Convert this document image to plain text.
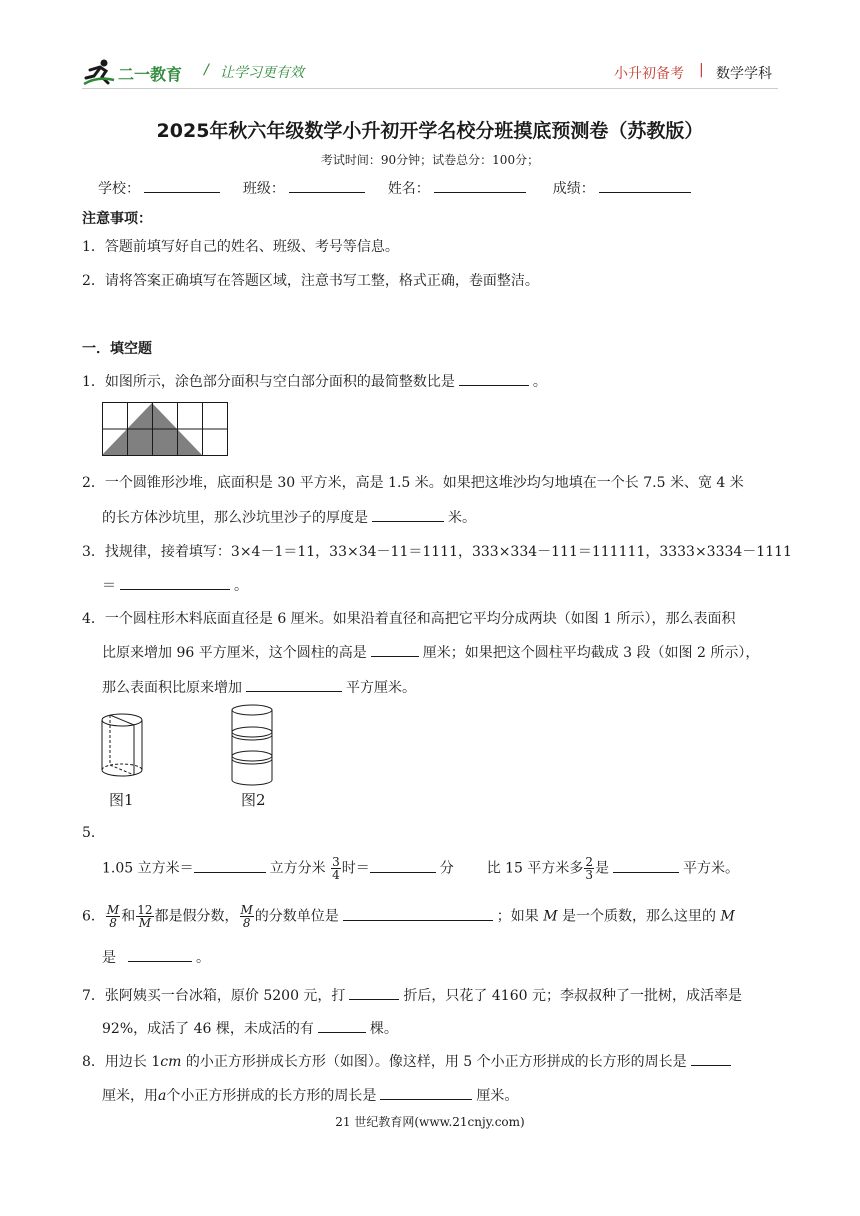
二一教育 / 让学习更有效	小升初备考 | 数学学科
2025年秋六年级数学小升初开学名校分班摸底预测卷（苏教版）
考试时间：90分钟；试卷总分：100分；
学校：	班级：	姓名：	成绩：
注意事项：
1．答题前填写好自己的姓名、班级、考号等信息。
2．请将答案正确填写在答题区域，注意书写工整，格式正确，卷面整洁。
一．填空题
1．如图所示，涂色部分面积与空白部分面积的最简整数比是	。
2．一个圆锥形沙堆，底面积是 30 平方米，高是 1.5 米。如果把这堆沙均匀地填在一个长 7.5 米、宽 4 米
的长方体沙坑里，那么沙坑里沙子的厚度是	米。
3．找规律，接着填写：3×4－1＝11，33×34－11＝1111，333×334－111＝111111，3333×3334－1111
＝	。
4．一个圆柱形木料底面直径是 6 厘米。如果沿着直径和高把它平均分成两块（如图 1 所示），那么表面积
比原来增加 96 平方厘米，这个圆柱的高是	厘米；如果把这个圆柱平均截成 3 段（如图 2 所示），
那么表面积比原来增加	平方厘米。
图1	图2
5．
1.05 立方米＝	立方分米 $\frac{3}{4}$ 时＝	分 比 15 平方米多 $\frac{2}{3}$ 是	平方米。
6． $\frac{M}{8}$ 和 $\frac{12}{M}$ 都是假分数， $\frac{M}{8}$ 的分数单位是	；如果 M 是一个质数，那么这里的 M
是	。
7．张阿姨买一台冰箱，原价 5200 元，打	折后，只花了 4160 元；李叔叔种了一批树，成活率是
92%，成活了 46 棵，未成活的有	棵。
8．用边长 1cm 的小正方形拼成长方形（如图）。像这样，用 5 个小正方形拼成的长方形的周长是
厘米，用a个小正方形拼成的长方形的周长是	厘米。
21 世纪教育网(www.21cnjy.com)
